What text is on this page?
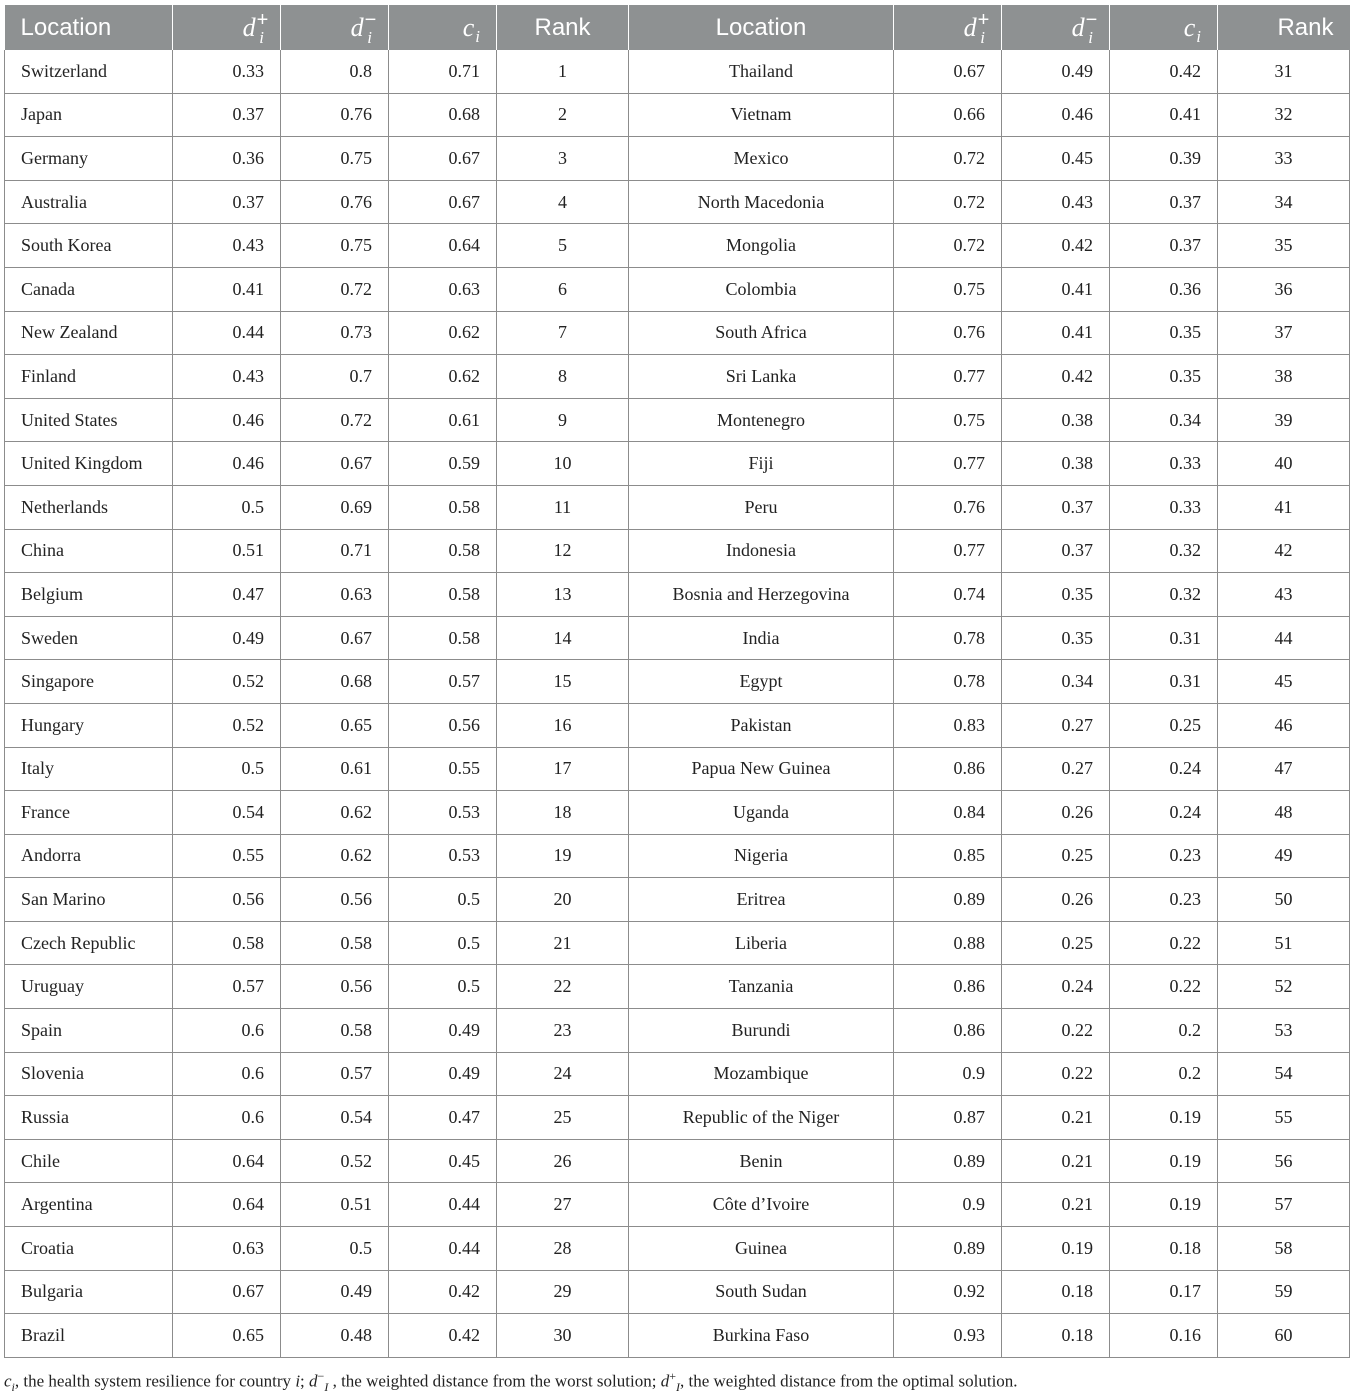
Location	$d^+_i$	$d^-_i$	$c_i$	Rank	Location	$d^+_i$	$d^-_i$	$c_i$	Rank
Switzerland	0.33	0.8	0.71	1	Thailand	0.67	0.49	0.42	31
Japan	0.37	0.76	0.68	2	Vietnam	0.66	0.46	0.41	32
Germany	0.36	0.75	0.67	3	Mexico	0.72	0.45	0.39	33
Australia	0.37	0.76	0.67	4	North Macedonia	0.72	0.43	0.37	34
South Korea	0.43	0.75	0.64	5	Mongolia	0.72	0.42	0.37	35
Canada	0.41	0.72	0.63	6	Colombia	0.75	0.41	0.36	36
New Zealand	0.44	0.73	0.62	7	South Africa	0.76	0.41	0.35	37
Finland	0.43	0.7	0.62	8	Sri Lanka	0.77	0.42	0.35	38
United States	0.46	0.72	0.61	9	Montenegro	0.75	0.38	0.34	39
United Kingdom	0.46	0.67	0.59	10	Fiji	0.77	0.38	0.33	40
Netherlands	0.5	0.69	0.58	11	Peru	0.76	0.37	0.33	41
China	0.51	0.71	0.58	12	Indonesia	0.77	0.37	0.32	42
Belgium	0.47	0.63	0.58	13	Bosnia and Herzegovina	0.74	0.35	0.32	43
Sweden	0.49	0.67	0.58	14	India	0.78	0.35	0.31	44
Singapore	0.52	0.68	0.57	15	Egypt	0.78	0.34	0.31	45
Hungary	0.52	0.65	0.56	16	Pakistan	0.83	0.27	0.25	46
Italy	0.5	0.61	0.55	17	Papua New Guinea	0.86	0.27	0.24	47
France	0.54	0.62	0.53	18	Uganda	0.84	0.26	0.24	48
Andorra	0.55	0.62	0.53	19	Nigeria	0.85	0.25	0.23	49
San Marino	0.56	0.56	0.5	20	Eritrea	0.89	0.26	0.23	50
Czech Republic	0.58	0.58	0.5	21	Liberia	0.88	0.25	0.22	51
Uruguay	0.57	0.56	0.5	22	Tanzania	0.86	0.24	0.22	52
Spain	0.6	0.58	0.49	23	Burundi	0.86	0.22	0.2	53
Slovenia	0.6	0.57	0.49	24	Mozambique	0.9	0.22	0.2	54
Russia	0.6	0.54	0.47	25	Republic of the Niger	0.87	0.21	0.19	55
Chile	0.64	0.52	0.45	26	Benin	0.89	0.21	0.19	56
Argentina	0.64	0.51	0.44	27	Côte d’Ivoire	0.9	0.21	0.19	57
Croatia	0.63	0.5	0.44	28	Guinea	0.89	0.19	0.18	58
Bulgaria	0.67	0.49	0.42	29	South Sudan	0.92	0.18	0.17	59
Brazil	0.65	0.48	0.42	30	Burkina Faso	0.93	0.18	0.16	60
$c_i$, the health system resilience for country i; $d^-_I$ , the weighted distance from the worst solution; $d^+_I$, the weighted distance from the optimal solution.
